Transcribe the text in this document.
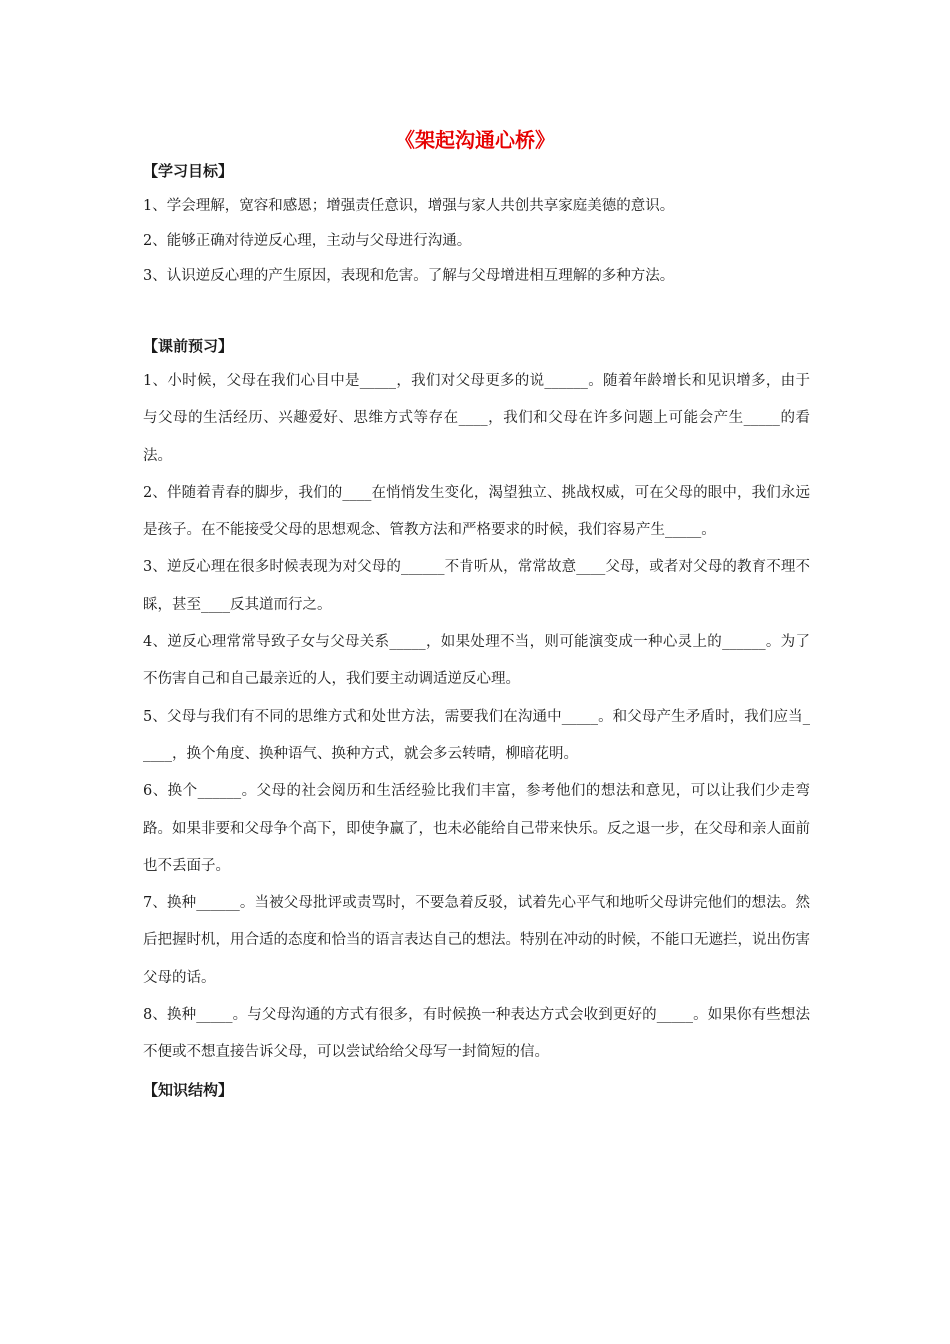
《架起沟通心桥》

【学习目标】

1、学会理解，宽容和感恩；增强责任意识，增强与家人共创共享家庭美德的意识。

2、能够正确对待逆反心理，主动与父母进行沟通。

3、认识逆反心理的产生原因，表现和危害。了解与父母增进相互理解的多种方法。

【课前预习】

1、小时候，父母在我们心目中是_____，我们对父母更多的说______。随着年龄增长和见识增多，由于与父母的生活经历、兴趣爱好、思维方式等存在____，我们和父母在许多问题上可能会产生_____的看法。

2、伴随着青春的脚步，我们的____在悄悄发生变化，渴望独立、挑战权威，可在父母的眼中，我们永远是孩子。在不能接受父母的思想观念、管教方法和严格要求的时候，我们容易产生_____。

3、逆反心理在很多时候表现为对父母的______不肯听从，常常故意____父母，或者对父母的教育不理不睬，甚至____反其道而行之。

4、逆反心理常常导致子女与父母关系_____，如果处理不当，则可能演变成一种心灵上的______。为了不伤害自己和自己最亲近的人，我们要主动调适逆反心理。

5、父母与我们有不同的思维方式和处世方法，需要我们在沟通中_____。和父母产生矛盾时，我们应当_____，换个角度、换种语气、换种方式，就会多云转晴，柳暗花明。

6、换个______。父母的社会阅历和生活经验比我们丰富，参考他们的想法和意见，可以让我们少走弯路。如果非要和父母争个高下，即使争赢了，也未必能给自己带来快乐。反之退一步，在父母和亲人面前也不丢面子。

7、换种______。当被父母批评或责骂时，不要急着反驳，试着先心平气和地听父母讲完他们的想法。然后把握时机，用合适的态度和恰当的语言表达自己的想法。特别在冲动的时候，不能口无遮拦，说出伤害父母的话。

8、换种_____。与父母沟通的方式有很多，有时候换一种表达方式会收到更好的_____。如果你有些想法不便或不想直接告诉父母，可以尝试给给父母写一封简短的信。

【知识结构】
